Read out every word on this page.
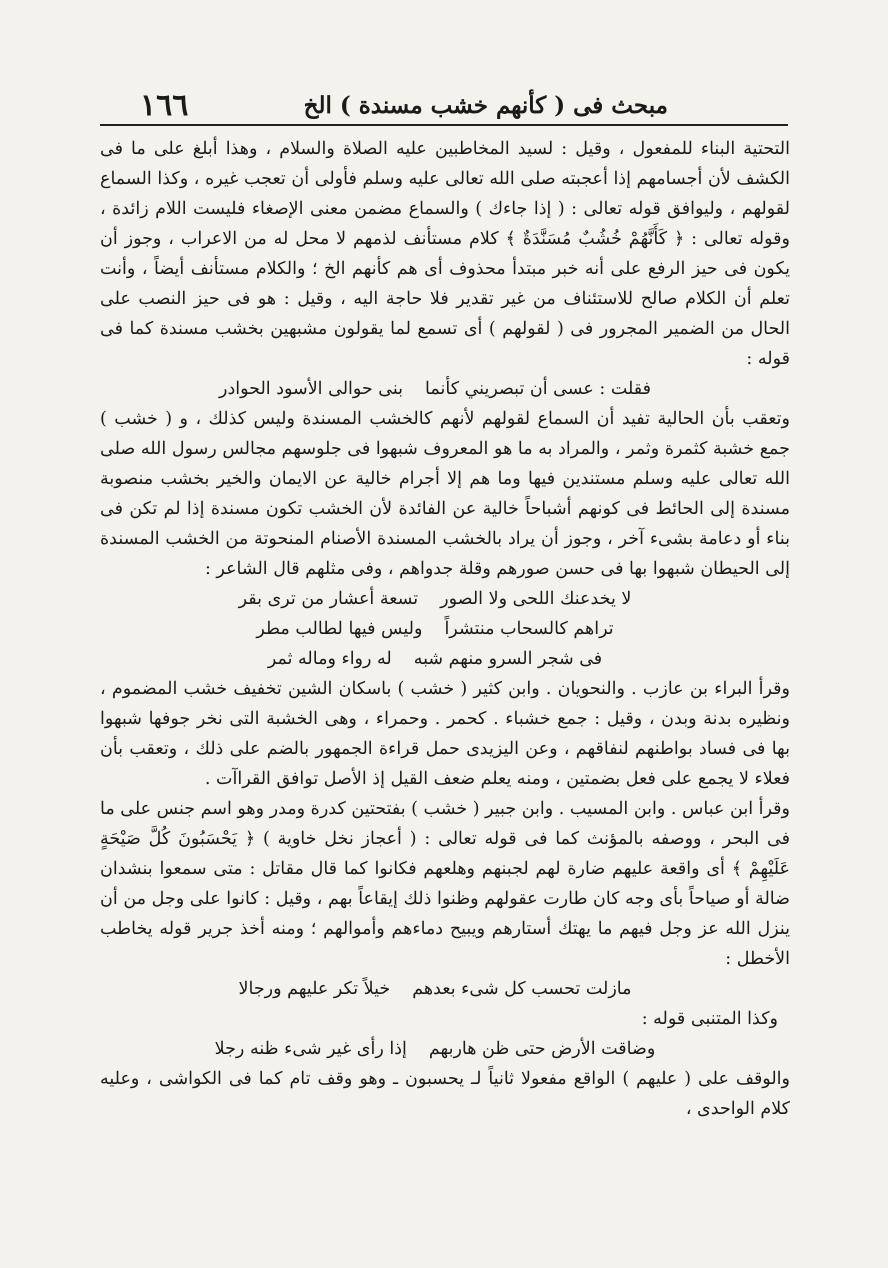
١٦٦	مبحث فى ( كأنهم خشب مسندة ) الخ

التحتية البناء للمفعول ، وقيل : لسيد المخاطبين عليه الصلاة والسلام ، وهذا أبلغ على ما فى الكشف لأن أجسامهم إذا أعجبته صلى الله تعالى عليه وسلم فأولى أن تعجب غيره ، وكذا السماع لقولهم ، وليوافق قوله تعالى : ( إذا جاءك ) والسماع مضمن معنى الإصغاء فليست اللام زائدة ، وقوله تعالى : ﴿ كَأَنَّهُمْ خُشُبٌ مُسَنَّدَةٌ ﴾ كلام مستأنف لذمهم لا محل له من الاعراب ، وجوز أن يكون فى حيز الرفع على أنه خبر مبتدأ محذوف أى هم كأنهم الخ ؛ والكلام مستأنف أيضاً ، وأنت تعلم أن الكلام صالح للاستئناف من غير تقدير فلا حاجة اليه ، وقيل : هو فى حيز النصب على الحال من الضمير المجرور فى ( لقولهم ) أى تسمع لما يقولون مشبهين بخشب مسندة كما فى قوله :

فقلت : عسى أن تبصريني كأنما
بنى حوالى الأسود الحوادر

وتعقب بأن الحالية تفيد أن السماع لقولهم لأنهم كالخشب المسندة وليس كذلك ، و ( خشب ) جمع خشبة كثمرة وثمر ، والمراد به ما هو المعروف شبهوا فى جلوسهم مجالس رسول الله صلى الله تعالى عليه وسلم مستندين فيها وما هم إلا أجرام خالية عن الايمان والخير بخشب منصوبة مسندة إلى الحائط فى كونهم أشباحاً خالية عن الفائدة لأن الخشب تكون مسندة إذا لم تكن فى بناء أو دعامة بشىء آخر ، وجوز أن يراد بالخشب المسندة الأصنام المنحوتة من الخشب المسندة إلى الحيطان شبهوا بها فى حسن صورهم وقلة جدواهم ، وفى مثلهم قال الشاعر :

لا يخدعنك اللحى ولا الصور
تسعة أعشار من ترى بقر
تراهم كالسحاب منتشراً
وليس فيها لطالب مطر
فى شجر السرو منهم شبه
له رواء وماله ثمر

وقرأ البراء بن عازب . والنحويان . وابن كثير ( خشب ) باسكان الشين تخفيف خشب المضموم ، ونظيره بدنة وبدن ، وقيل : جمع خشباء . كحمر . وحمراء ، وهى الخشبة التى نخر جوفها شبهوا بها فى فساد بواطنهم لنفاقهم ، وعن اليزيدى حمل قراءة الجمهور بالضم على ذلك ، وتعقب بأن فعلاء لا يجمع على فعل بضمتين ، ومنه يعلم ضعف القيل إذ الأصل توافق القراآت .

وقرأ ابن عباس . وابن المسيب . وابن جبير ( خشب ) بفتحتين كدرة ومدر وهو اسم جنس على ما فى البحر ، ووصفه بالمؤنث كما فى قوله تعالى : ( أعجاز نخل خاوية ) ﴿ يَحْسَبُونَ كُلَّ صَيْحَةٍ عَلَيْهِمْ ﴾ أى واقعة عليهم ضارة لهم لجبنهم وهلعهم فكانوا كما قال مقاتل : متى سمعوا بنشدان ضالة أو صياحاً بأى وجه كان طارت عقولهم وظنوا ذلك إيقاعاً بهم ، وقيل : كانوا على وجل من أن ينزل الله عز وجل فيهم ما يهتك أستارهم ويبيح دماءهم وأموالهم ؛ ومنه أخذ جرير قوله يخاطب الأخطل :

مازلت تحسب كل شىء بعدهم
خيلاً تكر عليهم ورجالا

وكذا المتنبى قوله :

وضاقت الأرض حتى ظن هاربهم
إذا رأى غير شىء ظنه رجلا

والوقف على ( عليهم ) الواقع مفعولا ثانياً لـ يحسبون ـ وهو وقف تام كما فى الكواشى ، وعليه كلام الواحدى ،
